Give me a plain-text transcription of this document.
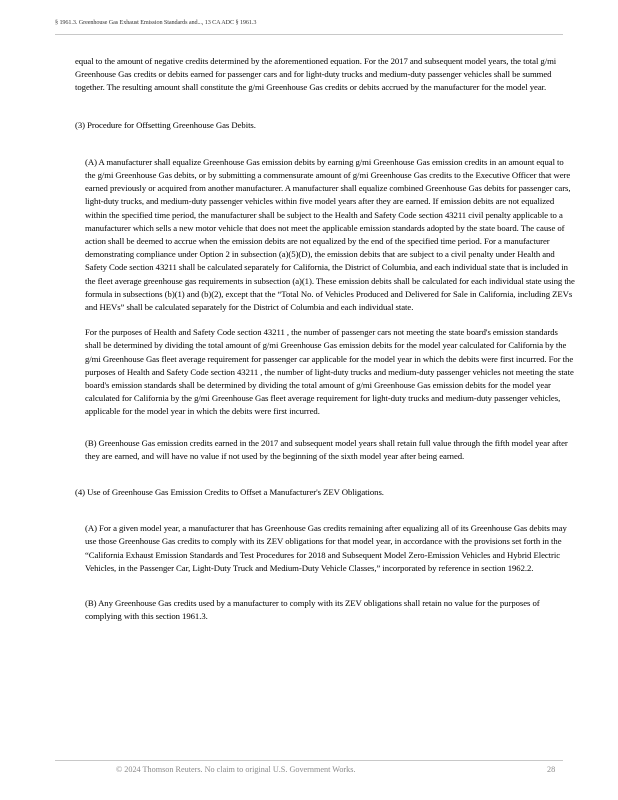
§ 1961.3. Greenhouse Gas Exhaust Emission Standards and..., 13 CA ADC § 1961.3

equal to the amount of negative credits determined by the aforementioned equation. For the 2017 and subsequent model years, the total g/mi Greenhouse Gas credits or debits earned for passenger cars and for light-duty trucks and medium-duty passenger vehicles shall be summed together. The resulting amount shall constitute the g/mi Greenhouse Gas credits or debits accrued by the manufacturer for the model year.

(3) Procedure for Offsetting Greenhouse Gas Debits.

(A) A manufacturer shall equalize Greenhouse Gas emission debits by earning g/mi Greenhouse Gas emission credits in an amount equal to the g/mi Greenhouse Gas debits, or by submitting a commensurate amount of g/mi Greenhouse Gas credits to the Executive Officer that were earned previously or acquired from another manufacturer. A manufacturer shall equalize combined Greenhouse Gas debits for passenger cars, light-duty trucks, and medium-duty passenger vehicles within five model years after they are earned. If emission debits are not equalized within the specified time period, the manufacturer shall be subject to the Health and Safety Code section 43211 civil penalty applicable to a manufacturer which sells a new motor vehicle that does not meet the applicable emission standards adopted by the state board. The cause of action shall be deemed to accrue when the emission debits are not equalized by the end of the specified time period. For a manufacturer demonstrating compliance under Option 2 in subsection (a)(5)(D), the emission debits that are subject to a civil penalty under Health and Safety Code section 43211 shall be calculated separately for California, the District of Columbia, and each individual state that is included in the fleet average greenhouse gas requirements in subsection (a)(1). These emission debits shall be calculated for each individual state using the formula in subsections (b)(1) and (b)(2), except that the “Total No. of Vehicles Produced and Delivered for Sale in California, including ZEVs and HEVs” shall be calculated separately for the District of Columbia and each individual state.

For the purposes of Health and Safety Code section 43211 , the number of passenger cars not meeting the state board's emission standards shall be determined by dividing the total amount of g/mi Greenhouse Gas emission debits for the model year calculated for California by the g/mi Greenhouse Gas fleet average requirement for passenger car applicable for the model year in which the debits were first incurred. For the purposes of Health and Safety Code section 43211 , the number of light-duty trucks and medium-duty passenger vehicles not meeting the state board's emission standards shall be determined by dividing the total amount of g/mi Greenhouse Gas emission debits for the model year calculated for California by the g/mi Greenhouse Gas fleet average requirement for light-duty trucks and medium-duty passenger vehicles, applicable for the model year in which the debits were first incurred.

(B) Greenhouse Gas emission credits earned in the 2017 and subsequent model years shall retain full value through the fifth model year after they are earned, and will have no value if not used by the beginning of the sixth model year after being earned.

(4) Use of Greenhouse Gas Emission Credits to Offset a Manufacturer's ZEV Obligations.

(A) For a given model year, a manufacturer that has Greenhouse Gas credits remaining after equalizing all of its Greenhouse Gas debits may use those Greenhouse Gas credits to comply with its ZEV obligations for that model year, in accordance with the provisions set forth in the “California Exhaust Emission Standards and Test Procedures for 2018 and Subsequent Model Zero-Emission Vehicles and Hybrid Electric Vehicles, in the Passenger Car, Light-Duty Truck and Medium-Duty Vehicle Classes,” incorporated by reference in section 1962.2.

(B) Any Greenhouse Gas credits used by a manufacturer to comply with its ZEV obligations shall retain no value for the purposes of complying with this section 1961.3.

© 2024 Thomson Reuters. No claim to original U.S. Government Works.	28
